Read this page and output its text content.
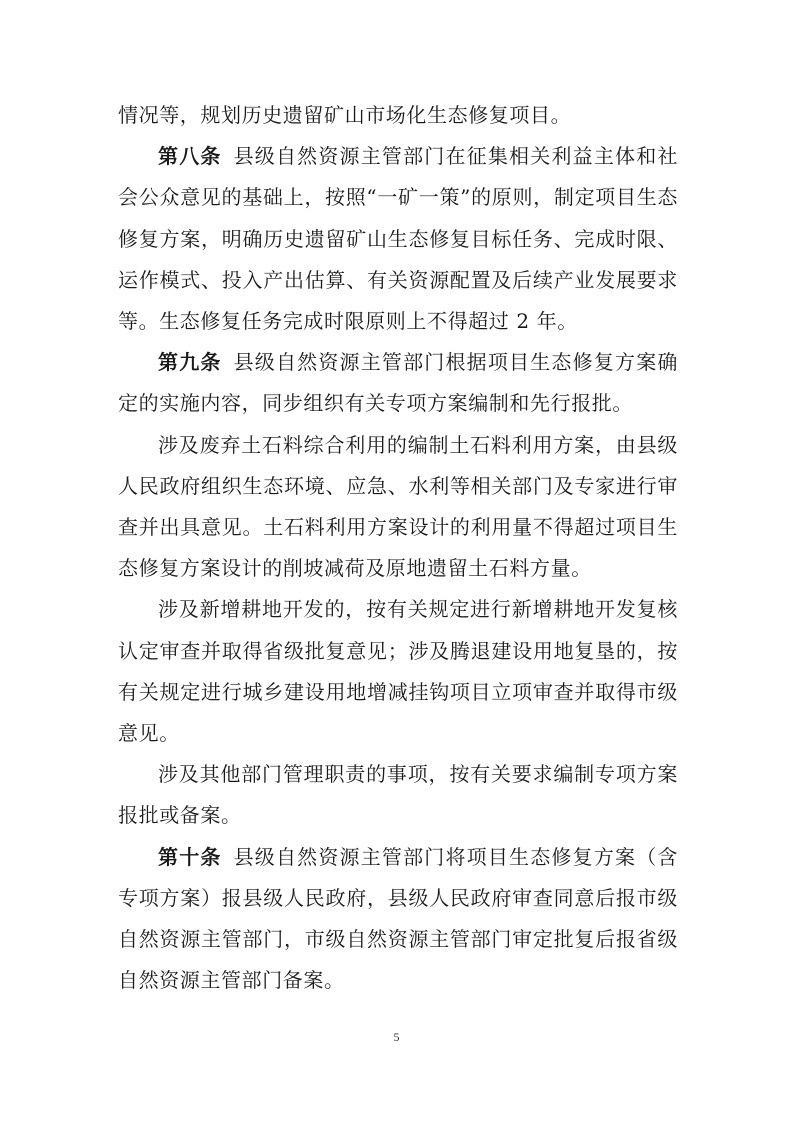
情况等，规划历史遗留矿山市场化生态修复项目。

第八条 县级自然资源主管部门在征集相关利益主体和社会公众意见的基础上，按照“一矿一策”的原则，制定项目生态修复方案，明确历史遗留矿山生态修复目标任务、完成时限、运作模式、投入产出估算、有关资源配置及后续产业发展要求等。生态修复任务完成时限原则上不得超过 2 年。

第九条 县级自然资源主管部门根据项目生态修复方案确定的实施内容，同步组织有关专项方案编制和先行报批。

涉及废弃土石料综合利用的编制土石料利用方案，由县级人民政府组织生态环境、应急、水利等相关部门及专家进行审查并出具意见。土石料利用方案设计的利用量不得超过项目生态修复方案设计的削坡减荷及原地遗留土石料方量。

涉及新增耕地开发的，按有关规定进行新增耕地开发复核认定审查并取得省级批复意见；涉及腾退建设用地复垦的，按有关规定进行城乡建设用地增减挂钩项目立项审查并取得市级意见。

涉及其他部门管理职责的事项，按有关要求编制专项方案报批或备案。

第十条 县级自然资源主管部门将项目生态修复方案（含专项方案）报县级人民政府，县级人民政府审查同意后报市级自然资源主管部门，市级自然资源主管部门审定批复后报省级自然资源主管部门备案。

5
